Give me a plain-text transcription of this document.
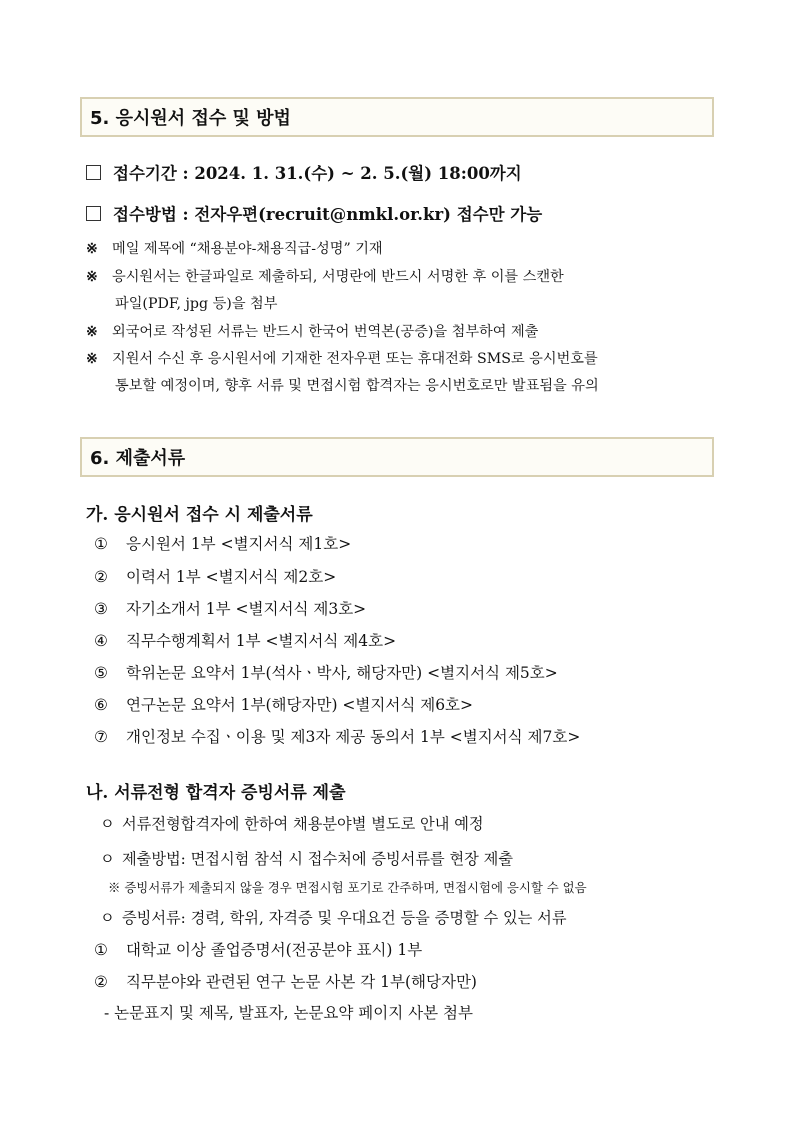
5. 응시원서 접수 및 방법
접수기간 : 2024. 1. 31.(수) ~ 2. 5.(월) 18:00까지
접수방법 : 전자우편(recruit@nmkl.or.kr) 접수만 가능
※ 메일 제목에 “채용분야-채용직급-성명” 기재
※ 응시원서는 한글파일로 제출하되, 서명란에 반드시 서명한 후 이를 스캔한
파일(PDF, jpg 등)을 첨부
※ 외국어로 작성된 서류는 반드시 한국어 번역본(공증)을 첨부하여 제출
※ 지원서 수신 후 응시원서에 기재한 전자우편 또는 휴대전화 SMS로 응시번호를
통보할 예정이며, 향후 서류 및 면접시험 합격자는 응시번호로만 발표됨을 유의
6. 제출서류
가. 응시원서 접수 시 제출서류
① 응시원서 1부 <별지서식 제1호>
② 이력서 1부 <별지서식 제2호>
③ 자기소개서 1부 <별지서식 제3호>
④ 직무수행계획서 1부 <별지서식 제4호>
⑤ 학위논문 요약서 1부(석사ㆍ박사, 해당자만) <별지서식 제5호>
⑥ 연구논문 요약서 1부(해당자만) <별지서식 제6호>
⑦ 개인정보 수집ㆍ이용 및 제3자 제공 동의서 1부 <별지서식 제7호>
나. 서류전형 합격자 증빙서류 제출
ㅇ 서류전형합격자에 한하여 채용분야별 별도로 안내 예정
ㅇ 제출방법: 면접시험 참석 시 접수처에 증빙서류를 현장 제출
※ 증빙서류가 제출되지 않을 경우 면접시험 포기로 간주하며, 면접시험에 응시할 수 없음
ㅇ 증빙서류: 경력, 학위, 자격증 및 우대요건 등을 증명할 수 있는 서류
① 대학교 이상 졸업증명서(전공분야 표시) 1부
② 직무분야와 관련된 연구 논문 사본 각 1부(해당자만)
- 논문표지 및 제목, 발표자, 논문요약 페이지 사본 첨부
